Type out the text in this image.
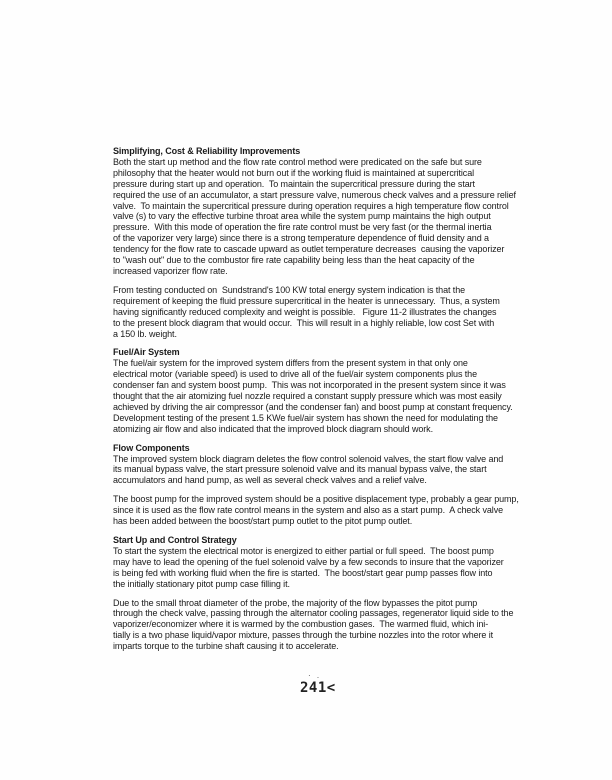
Simplifying, Cost & Reliability Improvements
Both the start up method and the flow rate control method were predicated on the safe but sure
philosophy that the heater would not burn out if the working fluid is maintained at supercritical
pressure during start up and operation.  To maintain the supercritical pressure during the start
required the use of an accumulator, a start pressure valve, numerous check valves and a pressure relief
valve.  To maintain the supercritical pressure during operation requires a high temperature flow control
valve (s) to vary the effective turbine throat area while the system pump maintains the high output
pressure.  With this mode of operation the fire rate control must be very fast (or the thermal inertia
of the vaporizer very large) since there is a strong temperature dependence of fluid density and a
tendency for the flow rate to cascade upward as outlet temperature decreases  causing the vaporizer
to "wash out" due to the combustor fire rate capability being less than the heat capacity of the
increased vaporizer flow rate.
From testing conducted on  Sundstrand's 100 KW total energy system indication is that the
requirement of keeping the fluid pressure supercritical in the heater is unnecessary.  Thus, a system
having significantly reduced complexity and weight is possible.   Figure 11-2 illustrates the changes
to the present block diagram that would occur.  This will result in a highly reliable, low cost Set with
a 150 lb. weight.
Fuel/Air System
The fuel/air system for the improved system differs from the present system in that only one
electrical motor (variable speed) is used to drive all of the fuel/air system components plus the
condenser fan and system boost pump.  This was not incorporated in the present system since it was
thought that the air atomizing fuel nozzle required a constant supply pressure which was most easily
achieved by driving the air compressor (and the condenser fan) and boost pump at constant frequency.
Development testing of the present 1.5 KWe fuel/air system has shown the need for modulating the
atomizing air flow and also indicated that the improved block diagram should work.
Flow Components
The improved system block diagram deletes the flow control solenoid valves, the start flow valve and
its manual bypass valve, the start pressure solenoid valve and its manual bypass valve, the start
accumulators and hand pump, as well as several check valves and a relief valve.
The boost pump for the improved system should be a positive displacement type, probably a gear pump,
since it is used as the flow rate control means in the system and also as a start pump.  A check valve
has been added between the boost/start pump outlet to the pitot pump outlet.
Start Up and Control Strategy
To start the system the electrical motor is energized to either partial or full speed.  The boost pump
may have to lead the opening of the fuel solenoid valve by a few seconds to insure that the vaporizer
is being fed with working fluid when the fire is started.  The boost/start gear pump passes flow into
the initially stationary pitot pump case filling it.
Due to the small throat diameter of the probe, the majority of the flow bypasses the pitot pump
through the check valve, passing through the alternator cooling passages, regenerator liquid side to the
vaporizer/economizer where it is warmed by the combustion gases.  The warmed fluid, which ini-
tially is a two phase liquid/vapor mixture, passes through the turbine nozzles into the rotor where it
imparts torque to the turbine shaft causing it to accelerate.
· .
241<
